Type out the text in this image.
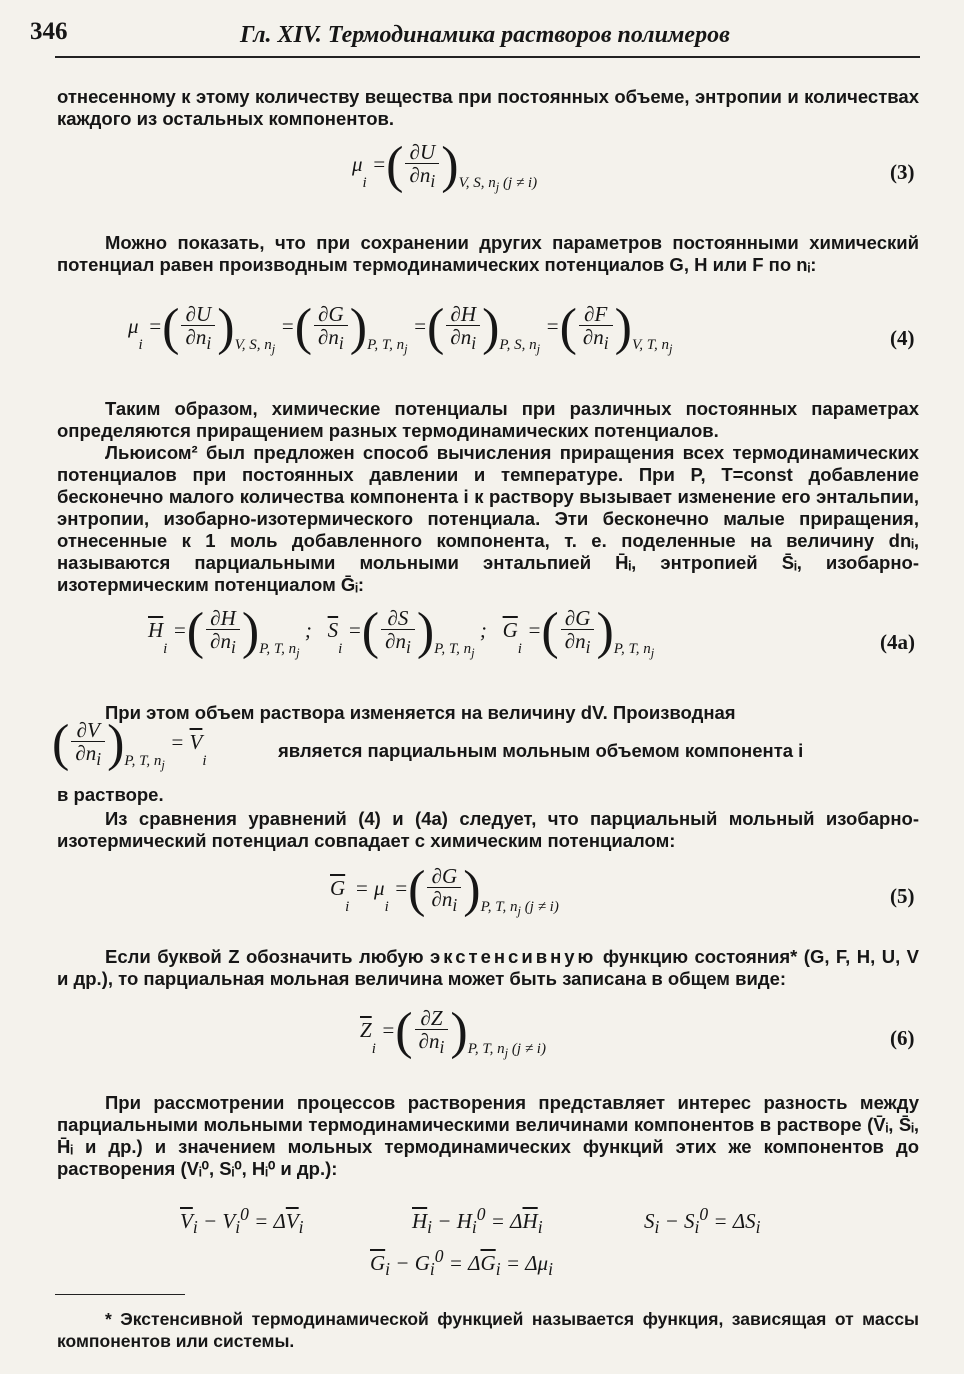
346	Гл. XIV. Термодинамика растворов полимеров
отнесенному к этому количеству вещества при постоянных объеме, энтропии и количествах каждого из остальных компонентов.
$\mu_i$ =( $\frac{\partial U}{\partial n_i} )_{V, S, n_j (j \ne i)}$	(3)
Можно показать, что при сохранении других параметров постоянными химический потенциал равен производным термодинамических потенциалов G, H или F по nᵢ:
$\mu_i$ =( $\frac{\partial U}{\partial n_i} )_{V, S, n_j}$ =( $\frac{\partial G}{\partial n_i} )_{P, T, n_j}$ =( $\frac{\partial H}{\partial n_i} )_{P, S, n_j}$ =( $\frac{\partial F}{\partial n_i} )_{V, T, n_j}$	(4)
Таким образом, химические потенциалы при различных постоянных параметрах определяются приращением разных термодинамических потенциалов.
Льюисом² был предложен способ вычисления приращения всех термодинамических потенциалов при постоянных давлении и температуре. При P, T=const добавление бесконечно малого количества компонента i к раствору вызывает изменение его энтальпии, энтропии, изобарно-изотермического потенциала. Эти бесконечно малые приращения, отнесенные к 1 моль добавленного компонента, т. е. поделенные на величину dnᵢ, называются парциальными мольными энтальпией H̄ᵢ, энтропией S̄ᵢ, изобарно-изотермическим потенциалом Ḡᵢ:
$\overline{H}_i$ =( $\frac{\partial H}{\partial n_i} )_{P, T, n_j}$ ;   $\overline{S}_i$ =( $\frac{\partial S}{\partial n_i} )_{P, T, n_j}$ ;   $\overline{G}_i$ =( $\frac{\partial G}{\partial n_i} )_{P, T, n_j}$	(4а)
При этом объем раствора изменяется на величину dV. Производная
( $\frac{\partial V}{\partial n_i} )_{P, T, n_j} = \overline{V}_i$	является парциальным мольным объемом компонента i
в растворе.
Из сравнения уравнений (4) и (4а) следует, что парциальный мольный изобарно-изотермический потенциал совпадает с химическим потенциалом:
$\overline{G}_i = \mu_i$ =( $\frac{\partial G}{\partial n_i} )_{P, T, n_j (j \ne i)}$	(5)
Если буквой Z обозначить любую экстенсивную функцию состояния* (G, F, H, U, V и др.), то парциальная мольная величина может быть записана в общем виде:
$\overline{Z}_i$ =( $\frac{\partial Z}{\partial n_i} )_{P, T, n_j (j \ne i)}$	(6)
При рассмотрении процессов растворения представляет интерес разность между парциальными мольными термодинамическими величинами компонентов в растворе (V̄ᵢ, S̄ᵢ, H̄ᵢ и др.) и значением мольных термодинамических функций этих же компонентов до растворения (Vᵢ⁰, Sᵢ⁰, Hᵢ⁰ и др.):
$\overline{V}_i - V_i^0 = \Delta\overline{V}_i$	$\overline{H}_i - H_i^0 = \Delta\overline{H}_i$	$S_i - S_i^0 = \Delta S_i$
$\overline{G}_i - G_i^0 = \Delta\overline{G}_i = \Delta\mu_i$
* Экстенсивной термодинамической функцией называется функция, зависящая от массы компонентов или системы.
